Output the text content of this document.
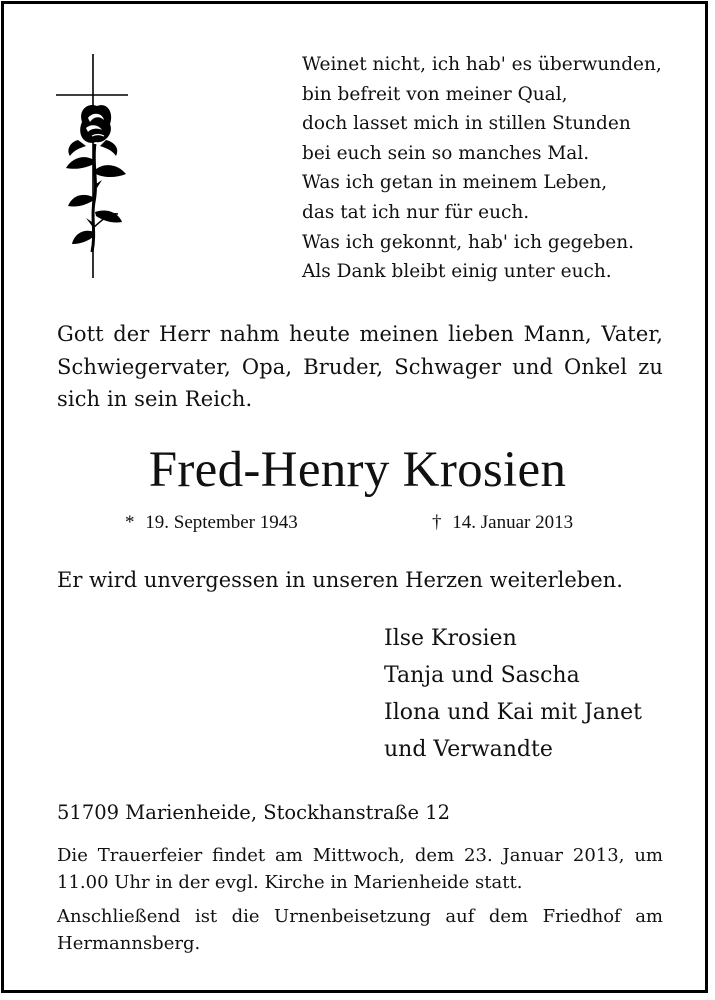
Weinet nicht, ich hab' es überwunden,
bin befreit von meiner Qual,
doch lasset mich in stillen Stunden
bei euch sein so manches Mal.
Was ich getan in meinem Leben,
das tat ich nur für euch.
Was ich gekonnt, hab' ich gegeben.
Als Dank bleibt einig unter euch.

Gott der Herr nahm heute meinen lieben Mann, Vater, Schwiegervater, Opa, Bruder, Schwager und Onkel zu sich in sein Reich.

Fred-Henry Krosien
* 19. September 1943	† 14. Januar 2013

Er wird unvergessen in unseren Herzen weiterleben.

Ilse Krosien
Tanja und Sascha
Ilona und Kai mit Janet
und Verwandte

51709 Marienheide, Stockhanstraße 12

Die Trauerfeier findet am Mittwoch, dem 23. Januar 2013, um 11.00 Uhr in der evgl. Kirche in Marienheide statt.

Anschließend ist die Urnenbeisetzung auf dem Friedhof am Hermannsberg.
